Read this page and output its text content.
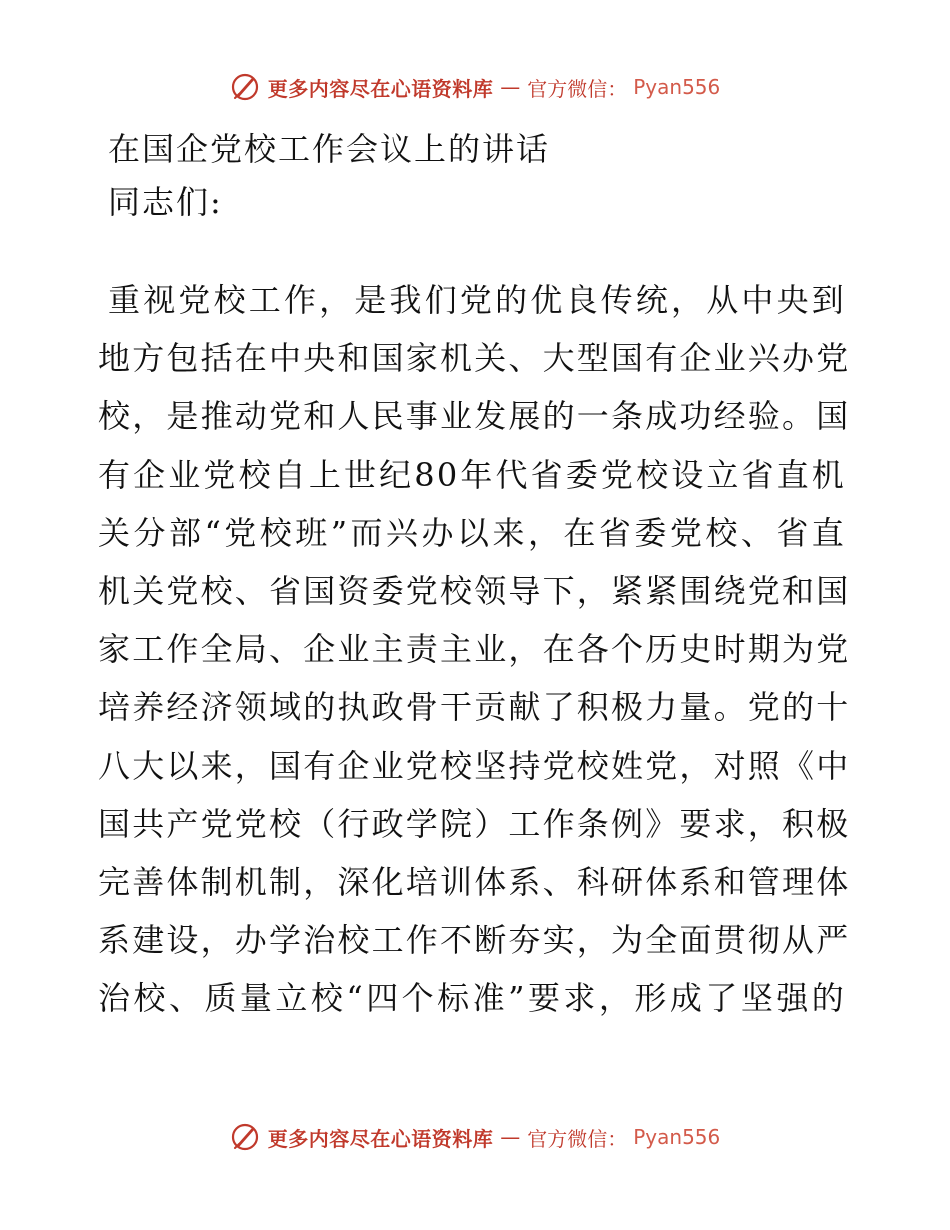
更多内容尽在心语资料库 — 官方微信： Pyan556
在国企党校工作会议上的讲话

同志们:

重视党校工作，是我们党的优良传统，从中央到
地方包括在中央和国家机关、大型国有企业兴办党
校，是推动党和人民事业发展的一条成功经验。国
有企业党校自上世纪80年代省委党校设立省直机
关分部“党校班”而兴办以来，在省委党校、省直
机关党校、省国资委党校领导下，紧紧围绕党和国
家工作全局、企业主责主业，在各个历史时期为党
培养经济领域的执政骨干贡献了积极力量。党的十
八大以来，国有企业党校坚持党校姓党，对照《中
国共产党党校（行政学院）工作条例》要求，积极
完善体制机制，深化培训体系、科研体系和管理体
系建设，办学治校工作不断夯实，为全面贯彻从严
治校、质量立校“四个标准”要求，形成了坚强的
更多内容尽在心语资料库 — 官方微信： Pyan556
